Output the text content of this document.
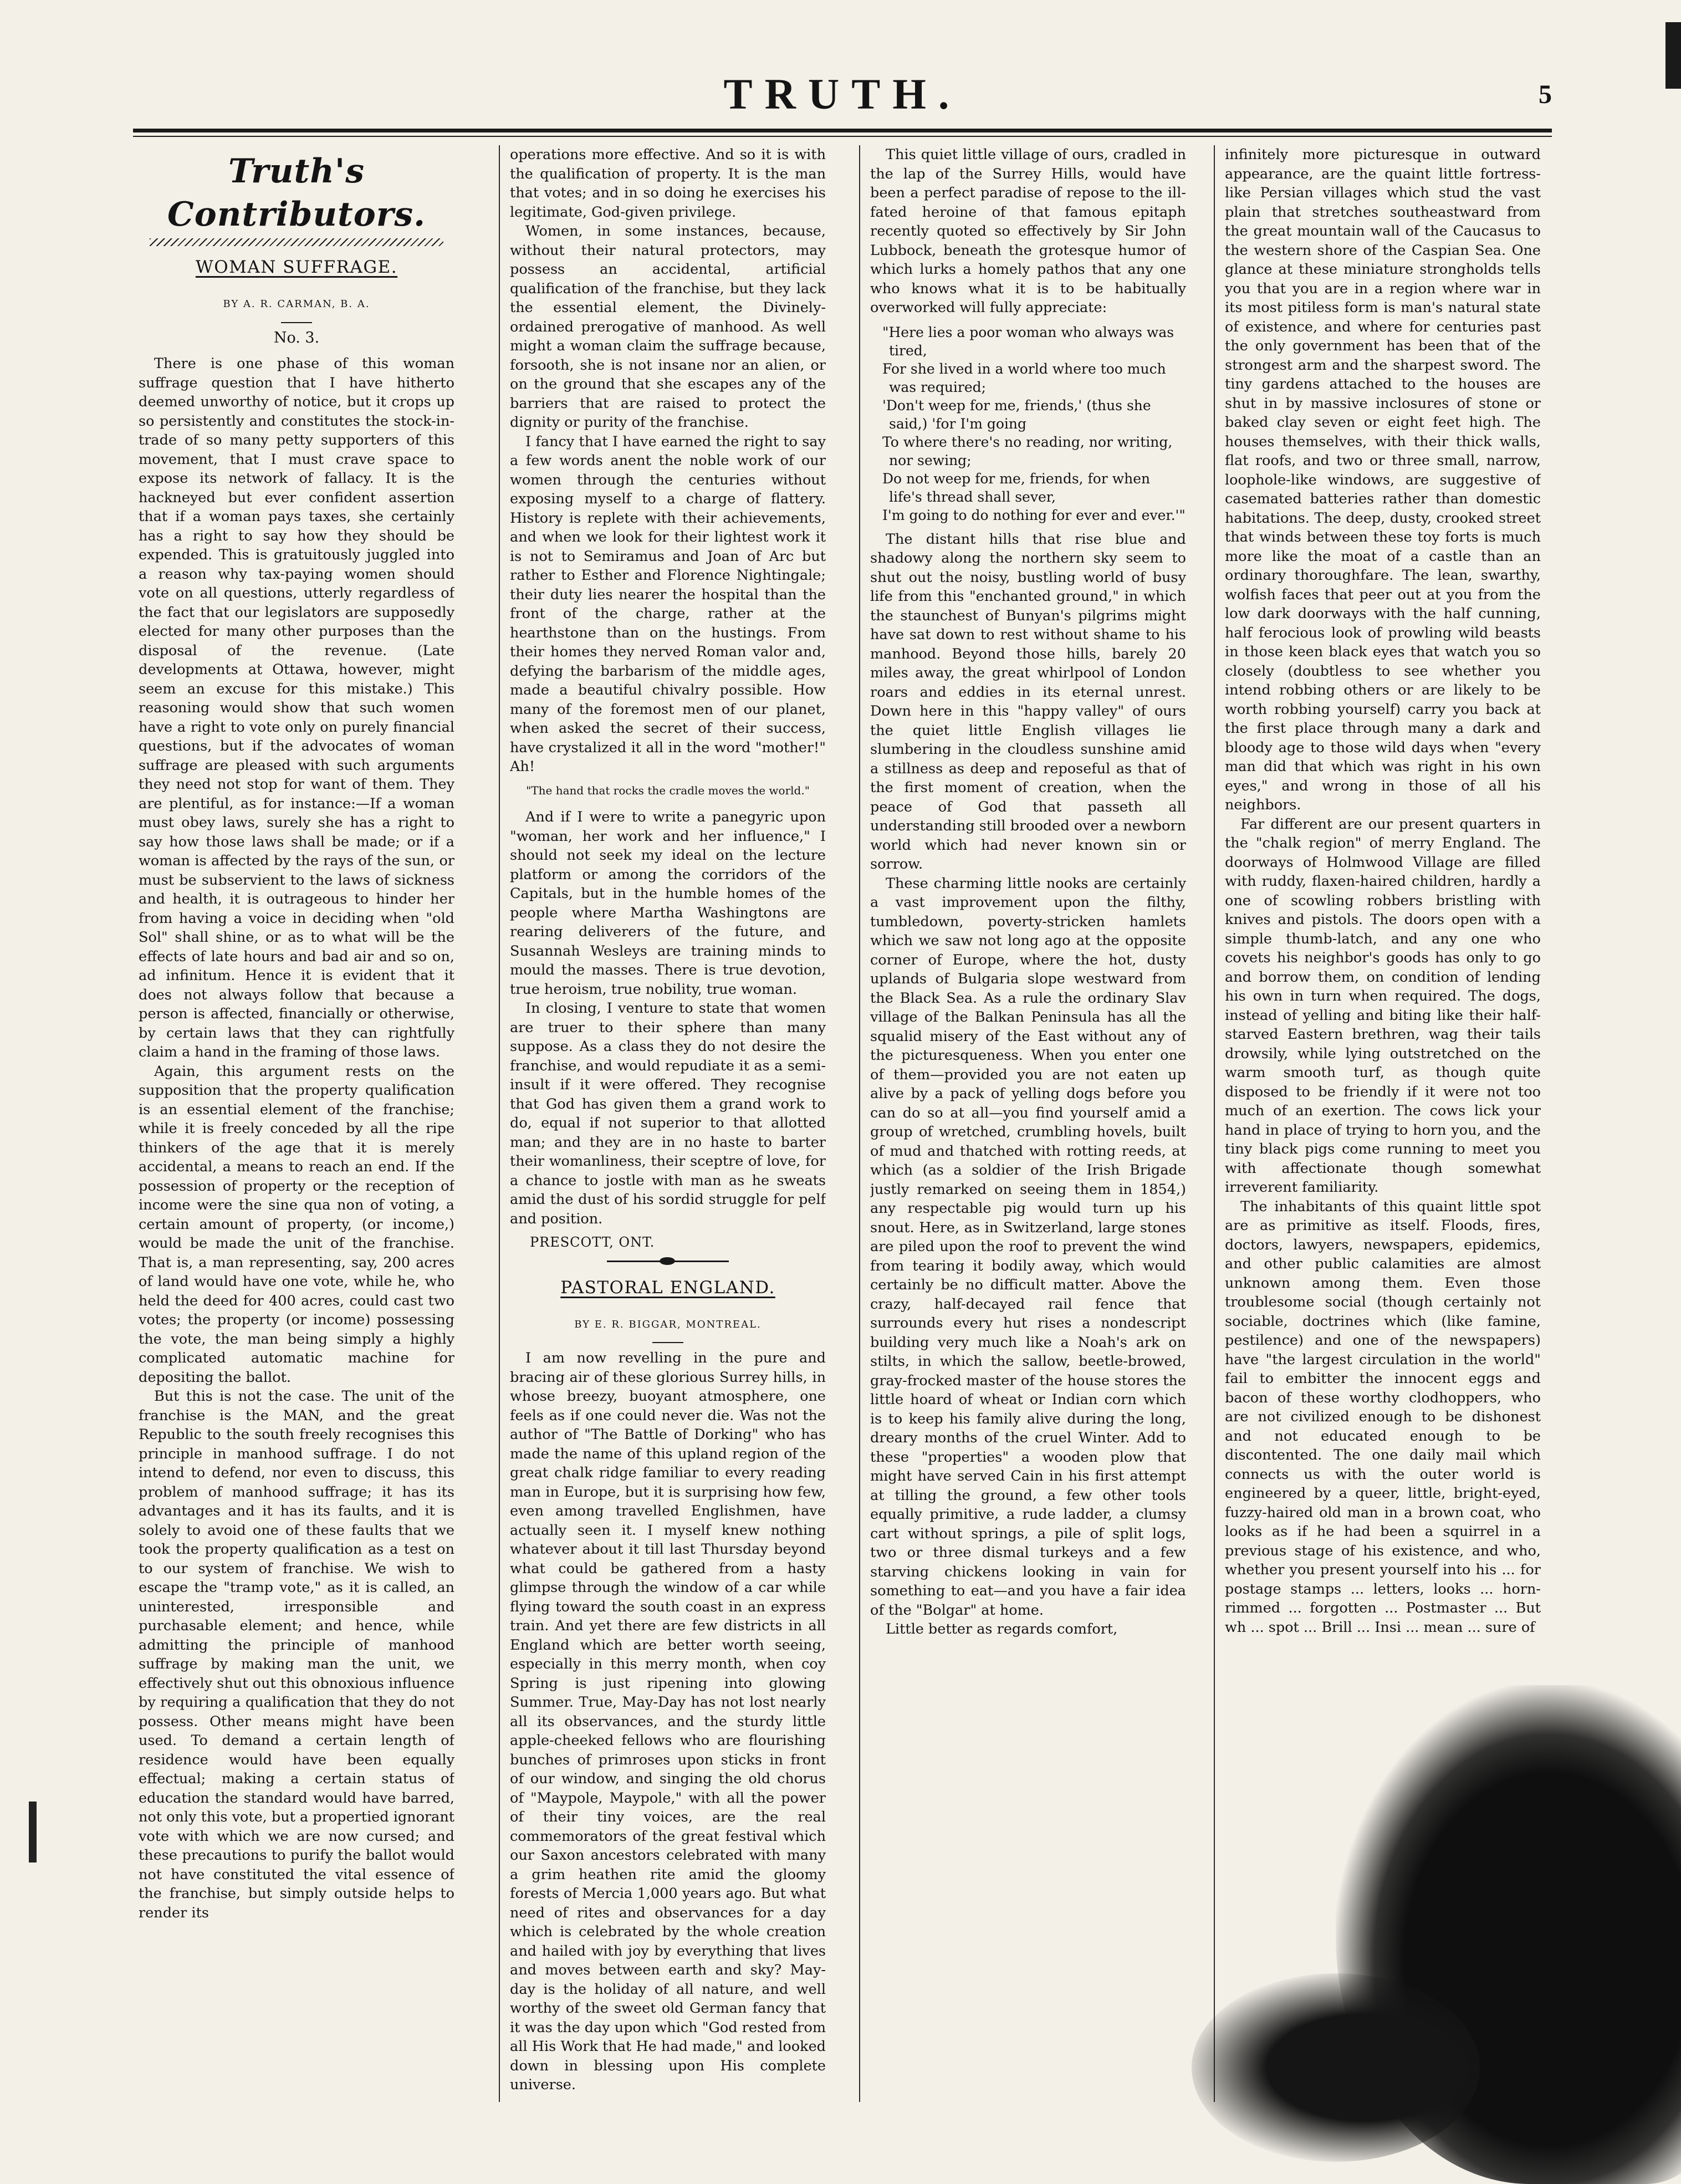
TRUTH.	5
Truth's Contributors.
WOMAN SUFFRAGE.
BY A. R. CARMAN, B. A.
No. 3.

There is one phase of this woman suffrage question that I have hitherto deemed unworthy of notice, but it crops up so persistently and constitutes the stock-in-trade of so many petty supporters of this movement, that I must crave space to expose its network of fallacy. It is the hackneyed but ever confident assertion that if a woman pays taxes, she certainly has a right to say how they should be expended. This is gratuitously juggled into a reason why tax-paying women should vote on all questions, utterly regardless of the fact that our legislators are supposedly elected for many other purposes than the disposal of the revenue. (Late developments at Ottawa, however, might seem an excuse for this mistake.) This reasoning would show that such women have a right to vote only on purely financial questions, but if the advocates of woman suffrage are pleased with such arguments they need not stop for want of them. They are plentiful, as for instance:—If a woman must obey laws, surely she has a right to say how those laws shall be made; or if a woman is affected by the rays of the sun, or must be subservient to the laws of sickness and health, it is outrageous to hinder her from having a voice in deciding when "old Sol" shall shine, or as to what will be the effects of late hours and bad air and so on, ad infinitum. Hence it is evident that it does not always follow that because a person is affected, financially or otherwise, by certain laws that they can rightfully claim a hand in the framing of those laws.

Again, this argument rests on the supposition that the property qualification is an essential element of the franchise; while it is freely conceded by all the ripe thinkers of the age that it is merely accidental, a means to reach an end. If the possession of property or the reception of income were the sine qua non of voting, a certain amount of property, (or income,) would be made the unit of the franchise. That is, a man representing, say, 200 acres of land would have one vote, while he, who held the deed for 400 acres, could cast two votes; the property (or income) possessing the vote, the man being simply a highly complicated automatic machine for depositing the ballot.

But this is not the case. The unit of the franchise is the MAN, and the great Republic to the south freely recognises this principle in manhood suffrage. I do not intend to defend, nor even to discuss, this problem of manhood suffrage; it has its advantages and it has its faults, and it is solely to avoid one of these faults that we took the property qualification as a test on to our system of franchise. We wish to escape the "tramp vote," as it is called, an uninterested, irresponsible and purchasable element; and hence, while admitting the principle of manhood suffrage by making man the unit, we effectively shut out this obnoxious influence by requiring a qualification that they do not possess. Other means might have been used. To demand a certain length of residence would have been equally effectual; making a certain status of education the standard would have barred, not only this vote, but a propertied ignorant vote with which we are now cursed; and these precautions to purify the ballot would not have constituted the vital essence of the franchise, but simply outside helps to render its

operations more effective. And so it is with the qualification of property. It is the man that votes; and in so doing he exercises his legitimate, God-given privilege.

Women, in some instances, because, without their natural protectors, may possess an accidental, artificial qualification of the franchise, but they lack the essential element, the Divinely-ordained prerogative of manhood. As well might a woman claim the suffrage because, forsooth, she is not insane nor an alien, or on the ground that she escapes any of the barriers that are raised to protect the dignity or purity of the franchise.

I fancy that I have earned the right to say a few words anent the noble work of our women through the centuries without exposing myself to a charge of flattery. History is replete with their achievements, and when we look for their lightest work it is not to Semiramus and Joan of Arc but rather to Esther and Florence Nightingale; their duty lies nearer the hospital than the front of the charge, rather at the hearthstone than on the hustings. From their homes they nerved Roman valor and, defying the barbarism of the middle ages, made a beautiful chivalry possible. How many of the foremost men of our planet, when asked the secret of their success, have crystalized it all in the word "mother!" Ah!

"The hand that rocks the cradle moves the world."

And if I were to write a panegyric upon "woman, her work and her influence," I should not seek my ideal on the lecture platform or among the corridors of the Capitals, but in the humble homes of the people where Martha Washingtons are rearing deliverers of the future, and Susannah Wesleys are training minds to mould the masses. There is true devotion, true heroism, true nobility, true woman.

In closing, I venture to state that women are truer to their sphere than many suppose. As a class they do not desire the franchise, and would repudiate it as a semi-insult if it were offered. They recognise that God has given them a grand work to do, equal if not superior to that allotted man; and they are in no haste to barter their womanliness, their sceptre of love, for a chance to jostle with man as he sweats amid the dust of his sordid struggle for pelf and position.

PRESCOTT, ONT.
PASTORAL ENGLAND.
BY E. R. BIGGAR, MONTREAL.

I am now revelling in the pure and bracing air of these glorious Surrey hills, in whose breezy, buoyant atmosphere, one feels as if one could never die. Was not the author of "The Battle of Dorking" who has made the name of this upland region of the great chalk ridge familiar to every reading man in Europe, but it is surprising how few, even among travelled Englishmen, have actually seen it. I myself knew nothing whatever about it till last Thursday beyond what could be gathered from a hasty glimpse through the window of a car while flying toward the south coast in an express train. And yet there are few districts in all England which are better worth seeing, especially in this merry month, when coy Spring is just ripening into glowing Summer. True, May-Day has not lost nearly all its observances, and the sturdy little apple-cheeked fellows who are flourishing bunches of primroses upon sticks in front of our window, and singing the old chorus of "Maypole, Maypole," with all the power of their tiny voices, are the real commemorators of the great festival which our Saxon ancestors celebrated with many a grim heathen rite amid the gloomy forests of Mercia 1,000 years ago. But what need of rites and observances for a day which is celebrated by the whole creation and hailed with joy by everything that lives and moves between earth and sky? May-day is the holiday of all nature, and well worthy of the sweet old German fancy that it was the day upon which "God rested from all His Work that He had made," and looked down in blessing upon His complete universe.

This quiet little village of ours, cradled in the lap of the Surrey Hills, would have been a perfect paradise of repose to the ill-fated heroine of that famous epitaph recently quoted so effectively by Sir John Lubbock, beneath the grotesque humor of which lurks a homely pathos that any one who knows what it is to be habitually overworked will fully appreciate:

"Here lies a poor woman who always was tired,
For she lived in a world where too much was required;
'Don't weep for me, friends,' (thus she said,) 'for I'm going
To where there's no reading, nor writing, nor sewing;
Do not weep for me, friends, for when life's thread shall sever,
I'm going to do nothing for ever and ever.'"

The distant hills that rise blue and shadowy along the northern sky seem to shut out the noisy, bustling world of busy life from this "enchanted ground," in which the staunchest of Bunyan's pilgrims might have sat down to rest without shame to his manhood. Beyond those hills, barely 20 miles away, the great whirlpool of London roars and eddies in its eternal unrest. Down here in this "happy valley" of ours the quiet little English villages lie slumbering in the cloudless sunshine amid a stillness as deep and reposeful as that of the first moment of creation, when the peace of God that passeth all understanding still brooded over a newborn world which had never known sin or sorrow.

These charming little nooks are certainly a vast improvement upon the filthy, tumbledown, poverty-stricken hamlets which we saw not long ago at the opposite corner of Europe, where the hot, dusty uplands of Bulgaria slope westward from the Black Sea. As a rule the ordinary Slav village of the Balkan Peninsula has all the squalid misery of the East without any of the picturesqueness. When you enter one of them—provided you are not eaten up alive by a pack of yelling dogs before you can do so at all—you find yourself amid a group of wretched, crumbling hovels, built of mud and thatched with rotting reeds, at which (as a soldier of the Irish Brigade justly remarked on seeing them in 1854,) any respectable pig would turn up his snout. Here, as in Switzerland, large stones are piled upon the roof to prevent the wind from tearing it bodily away, which would certainly be no difficult matter. Above the crazy, half-decayed rail fence that surrounds every hut rises a nondescript building very much like a Noah's ark on stilts, in which the sallow, beetle-browed, gray-frocked master of the house stores the little hoard of wheat or Indian corn which is to keep his family alive during the long, dreary months of the cruel Winter. Add to these "properties" a wooden plow that might have served Cain in his first attempt at tilling the ground, a few other tools equally primitive, a rude ladder, a clumsy cart without springs, a pile of split logs, two or three dismal turkeys and a few starving chickens looking in vain for something to eat—and you have a fair idea of the "Bolgar" at home.

Little better as regards comfort,

infinitely more picturesque in outward appearance, are the quaint little fortress-like Persian villages which stud the vast plain that stretches southeastward from the great mountain wall of the Caucasus to the western shore of the Caspian Sea. One glance at these miniature strongholds tells you that you are in a region where war in its most pitiless form is man's natural state of existence, and where for centuries past the only government has been that of the strongest arm and the sharpest sword. The tiny gardens attached to the houses are shut in by massive inclosures of stone or baked clay seven or eight feet high. The houses themselves, with their thick walls, flat roofs, and two or three small, narrow, loophole-like windows, are suggestive of casemated batteries rather than domestic habitations. The deep, dusty, crooked street that winds between these toy forts is much more like the moat of a castle than an ordinary thoroughfare. The lean, swarthy, wolfish faces that peer out at you from the low dark doorways with the half cunning, half ferocious look of prowling wild beasts in those keen black eyes that watch you so closely (doubtless to see whether you intend robbing others or are likely to be worth robbing yourself) carry you back at the first place through many a dark and bloody age to those wild days when "every man did that which was right in his own eyes," and wrong in those of all his neighbors.

Far different are our present quarters in the "chalk region" of merry England. The doorways of Holmwood Village are filled with ruddy, flaxen-haired children, hardly a one of scowling robbers bristling with knives and pistols. The doors open with a simple thumb-latch, and any one who covets his neighbor's goods has only to go and borrow them, on condition of lending his own in turn when required. The dogs, instead of yelling and biting like their half-starved Eastern brethren, wag their tails drowsily, while lying outstretched on the warm smooth turf, as though quite disposed to be friendly if it were not too much of an exertion. The cows lick your hand in place of trying to horn you, and the tiny black pigs come running to meet you with affectionate though somewhat irreverent familiarity.

The inhabitants of this quaint little spot are as primitive as itself. Floods, fires, doctors, lawyers, newspapers, epidemics, and other public calamities are almost unknown among them. Even those troublesome social (though certainly not sociable, doctrines which (like famine, pestilence) and one of the newspapers) have "the largest circulation in the world" fail to embitter the innocent eggs and bacon of these worthy clodhoppers, who are not civilized enough to be dishonest and not educated enough to be discontented. The one daily mail which connects us with the outer world is engineered by a queer, little, bright-eyed, fuzzy-haired old man in a brown coat, who looks as if he had been a squirrel in a previous stage of his existence, and who, whether you present yourself into his ... for postage stamps ... letters, looks ... horn-rimmed ... forgotten ... Postmaster ... But wh ... spot ... Brill ... Insi ... mean ... sure of
